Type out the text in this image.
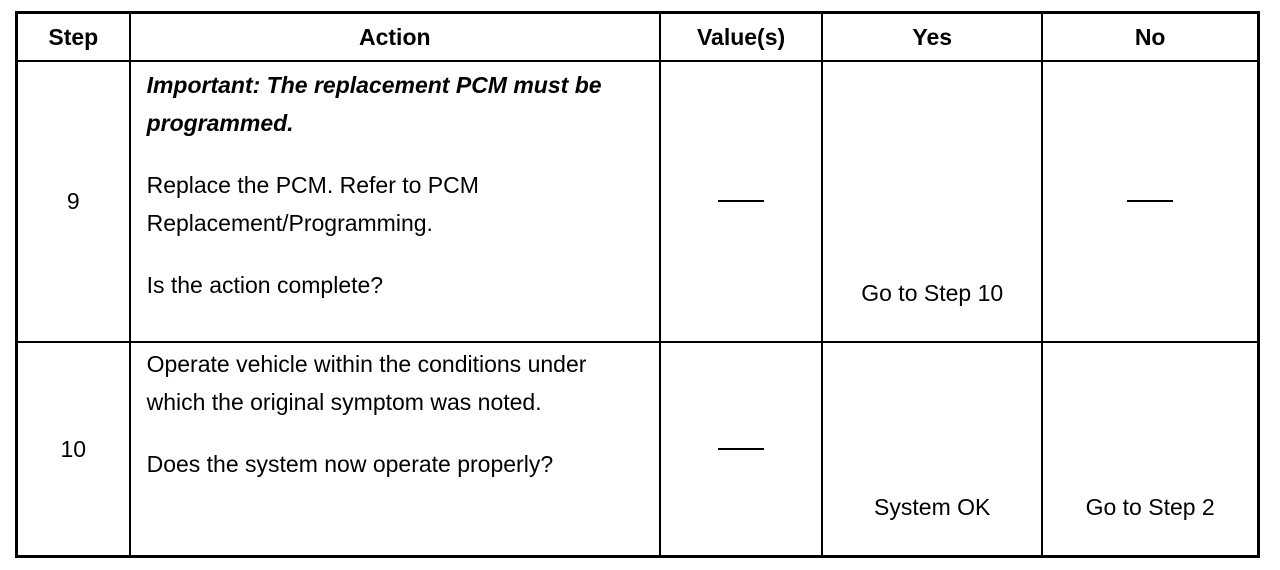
Step	Action	Value(s)	Yes	No
9	Important: The replacement PCM must be programmed.

Replace the PCM. Refer to PCM Replacement/Programming.

Is the action complete?		Go to Step 10	

10	Operate vehicle within the conditions under which the original symptom was noted.

Does the system now operate properly?		System OK	Go to Step 2
